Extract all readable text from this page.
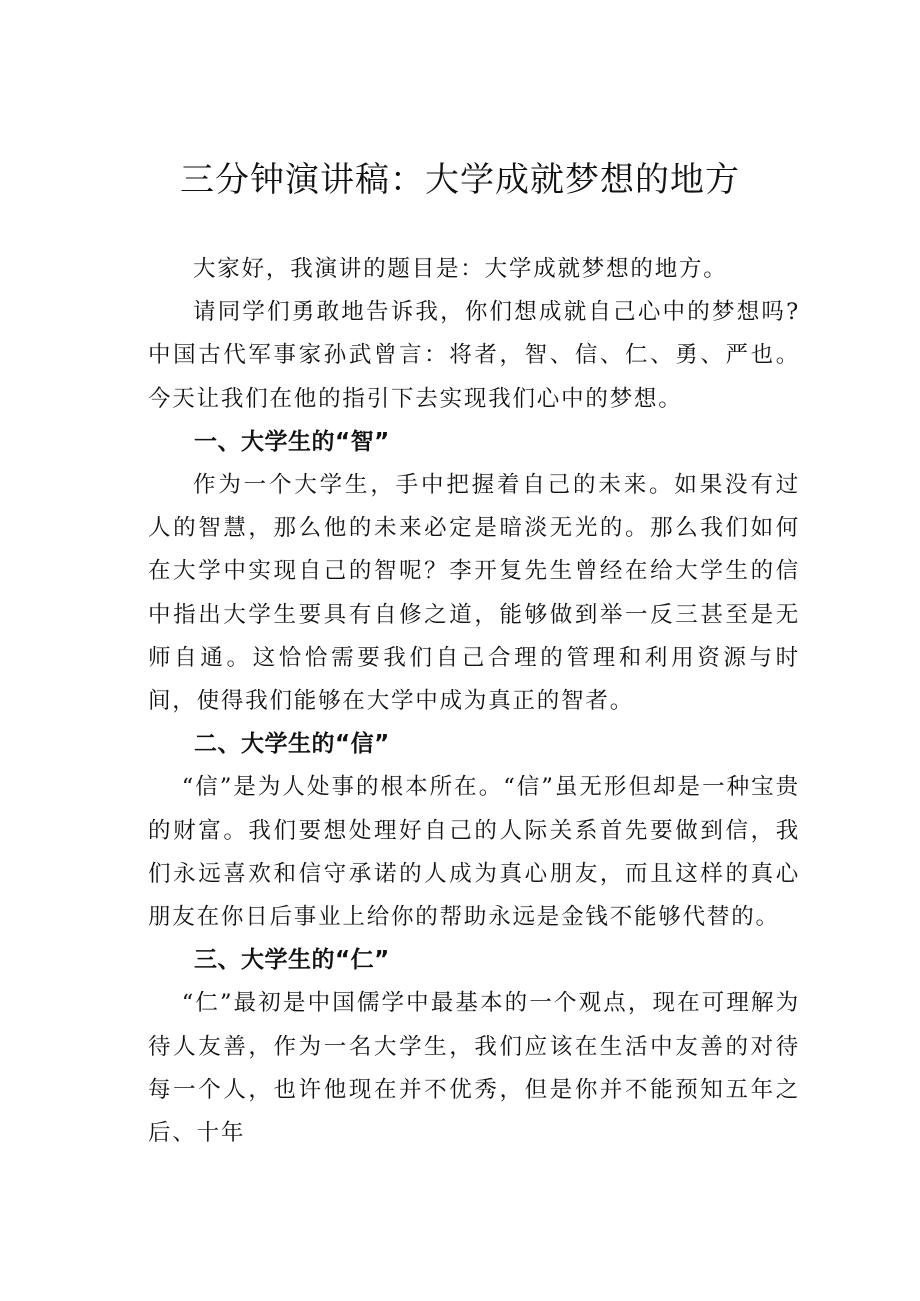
三分钟演讲稿：大学成就梦想的地方

大家好，我演讲的题目是：大学成就梦想的地方。

请同学们勇敢地告诉我，你们想成就自己心中的梦想吗?中国古代军事家孙武曾言：将者，智、信、仁、勇、严也。今天让我们在他的指引下去实现我们心中的梦想。

一、大学生的“智”

作为一个大学生，手中把握着自己的未来。如果没有过人的智慧，那么他的未来必定是暗淡无光的。那么我们如何在大学中实现自己的智呢？李开复先生曾经在给大学生的信中指出大学生要具有自修之道，能够做到举一反三甚至是无师自通。这恰恰需要我们自己合理的管理和利用资源与时间，使得我们能够在大学中成为真正的智者。

二、大学生的“信”

“信”是为人处事的根本所在。“信”虽无形但却是一种宝贵的财富。我们要想处理好自己的人际关系首先要做到信，我们永远喜欢和信守承诺的人成为真心朋友，而且这样的真心朋友在你日后事业上给你的帮助永远是金钱不能够代替的。

三、大学生的“仁”

“仁”最初是中国儒学中最基本的一个观点，现在可理解为待人友善，作为一名大学生，我们应该在生活中友善的对待每一个人，也许他现在并不优秀，但是你并不能预知五年之后、十年
